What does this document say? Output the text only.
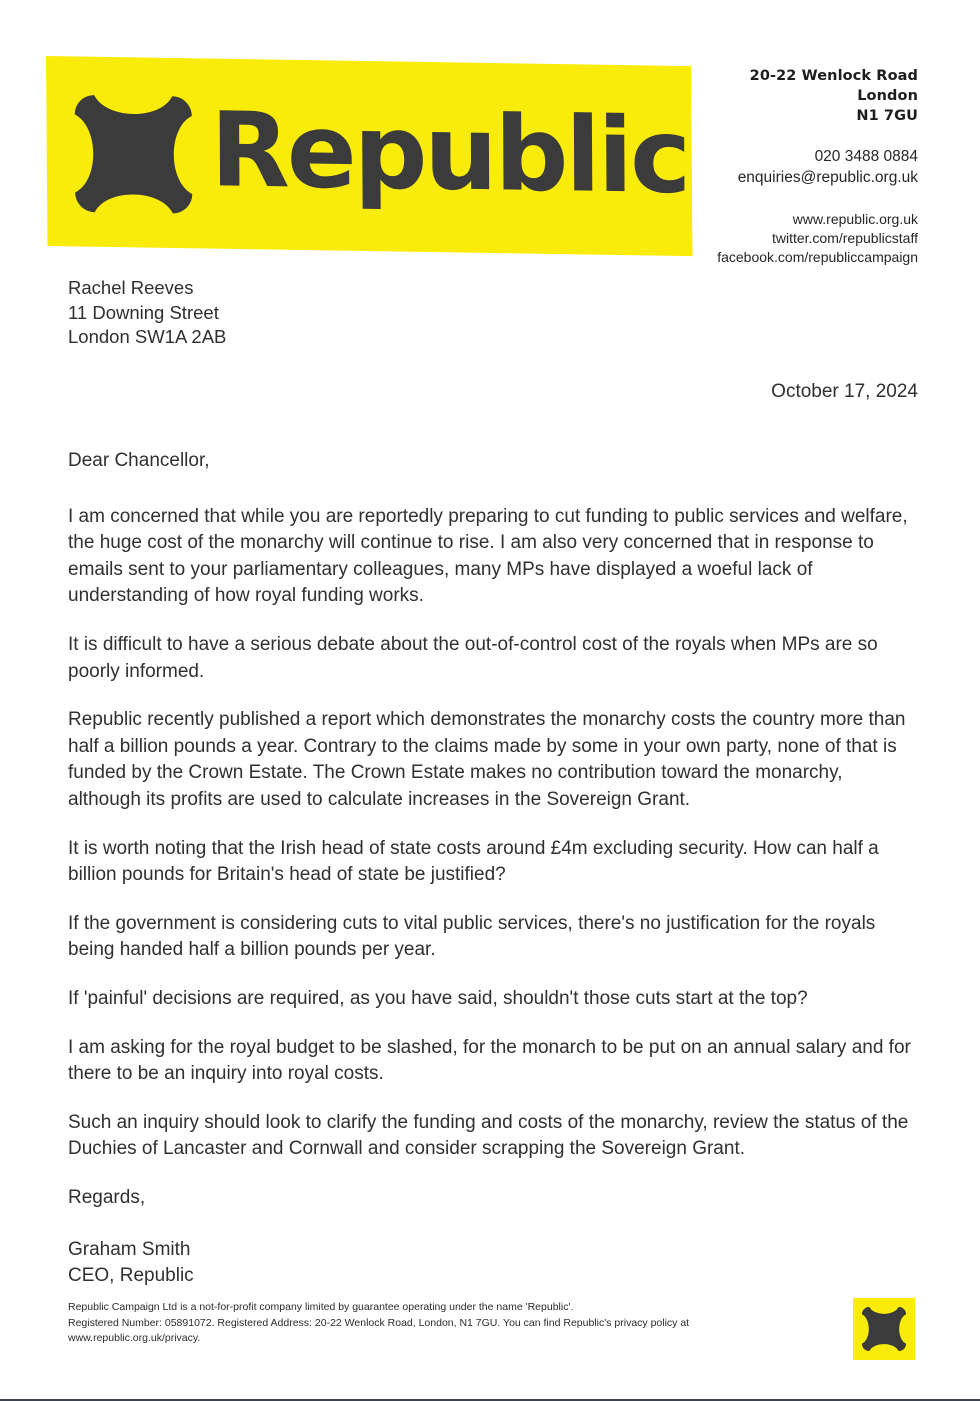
Republic
20-22 Wenlock Road
London
N1 7GU
020 3488 0884
enquiries@republic.org.uk
www.republic.org.uk
twitter.com/republicstaff
facebook.com/republiccampaign
Rachel Reeves
11 Downing Street
London SW1A 2AB
October 17, 2024

Dear Chancellor,

I am concerned that while you are reportedly preparing to cut funding to public services and welfare, the huge cost of the monarchy will continue to rise. I am also very concerned that in response to emails sent to your parliamentary colleagues, many MPs have displayed a woeful lack of understanding of how royal funding works.

It is difficult to have a serious debate about the out-of-control cost of the royals when MPs are so poorly informed.

Republic recently published a report which demonstrates the monarchy costs the country more than half a billion pounds a year. Contrary to the claims made by some in your own party, none of that is funded by the Crown Estate. The Crown Estate makes no contribution toward the monarchy, although its profits are used to calculate increases in the Sovereign Grant.

It is worth noting that the Irish head of state costs around £4m excluding security. How can half a billion pounds for Britain's head of state be justified?

If the government is considering cuts to vital public services, there's no justification for the royals being handed half a billion pounds per year.

If 'painful' decisions are required, as you have said, shouldn't those cuts start at the top?

I am asking for the royal budget to be slashed, for the monarch to be put on an annual salary and for there to be an inquiry into royal costs.

Such an inquiry should look to clarify the funding and costs of the monarchy, review the status of the Duchies of Lancaster and Cornwall and consider scrapping the Sovereign Grant.

Regards,

Graham Smith
CEO, Republic

Republic Campaign Ltd is a not-for-profit company limited by guarantee operating under the name 'Republic'.
Registered Number: 05891072. Registered Address: 20-22 Wenlock Road, London, N1 7GU. You can find Republic's privacy policy at
www.republic.org.uk/privacy.
